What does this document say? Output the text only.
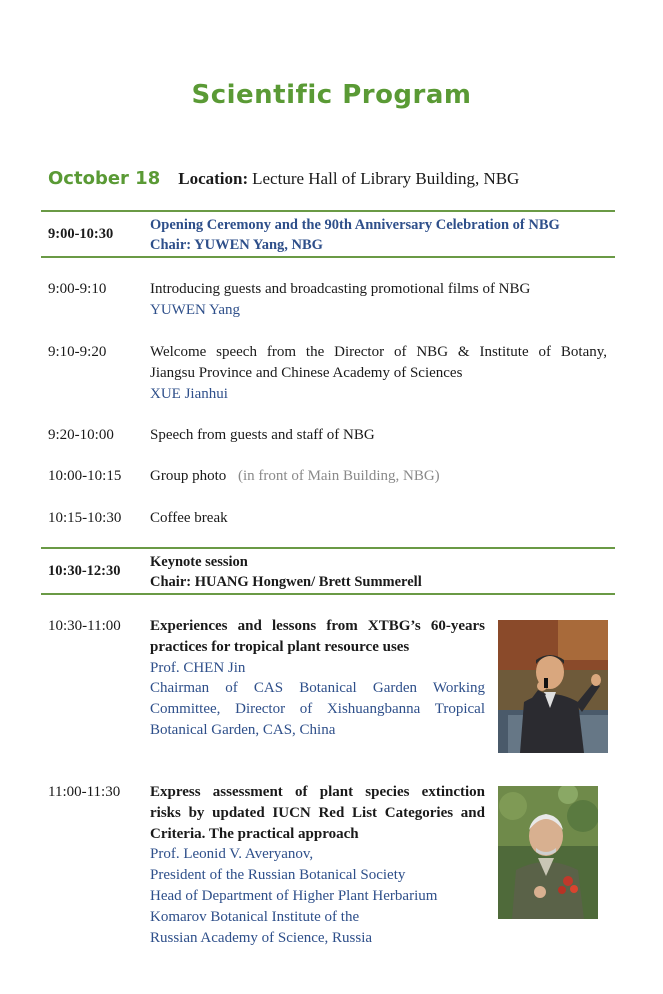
Scientific Program
October 18 Location: Lecture Hall of Library Building, NBG
9:00-10:30
Opening Ceremony and the 90th Anniversary Celebration of NBG
Chair: YUWEN Yang, NBG
9:00-9:10	Introducing guests and broadcasting promotional films of NBG
YUWEN Yang
9:10-9:20	Welcome speech from the Director of NBG & Institute of Botany,
Jiangsu Province and Chinese Academy of Sciences
XUE Jianhui
9:20-10:00 Speech from guests and staff of NBG
10:00-10:15 Group photo (in front of Main Building, NBG)
10:15-10:30 Coffee break
10:30-12:30
Keynote session
Chair: HUANG Hongwen/ Brett Summerell
10:30-11:00 Experiences and lessons from XTBG’s 60-years
practices for tropical plant resource uses
Prof. CHEN Jin
Chairman of CAS Botanical Garden Working
Committee, Director of Xishuangbanna Tropical
Botanical Garden, CAS, China
11:00-11:30 Express assessment of plant species extinction
risks by updated IUCN Red List Categories and
Criteria. The practical approach
Prof. Leonid V. Averyanov,
President of the Russian Botanical Society
Head of Department of Higher Plant Herbarium
Komarov Botanical Institute of the
Russian Academy of Science, Russia
